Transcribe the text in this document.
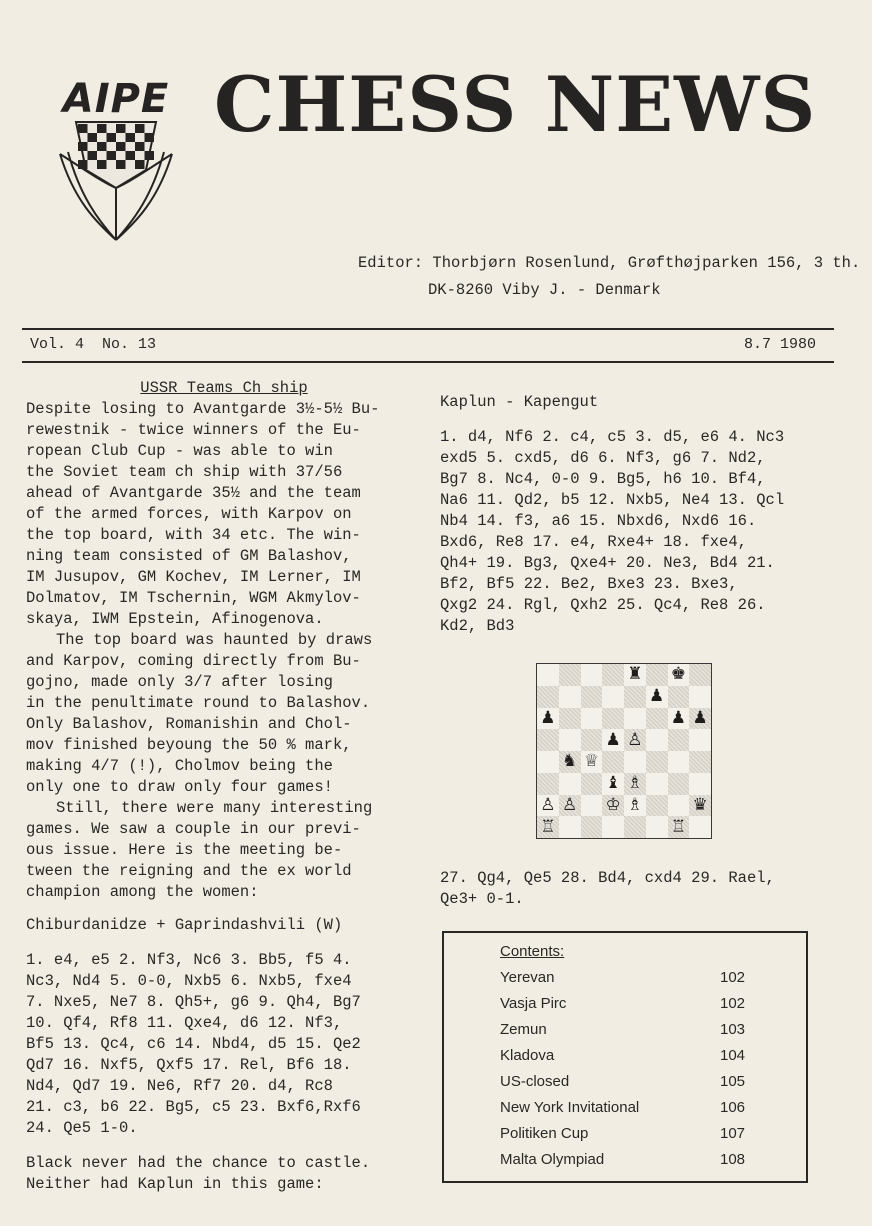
AIPE CHESS NEWS
Editor: Thorbjørn Rosenlund, Grøfthøjparken 156, 3 th.
DK-8260 Viby J. - Denmark
Vol. 4  No. 13	8.7 1980
USSR Teams Ch ship
Despite losing to Avantgarde 3½-5½ Bu-
rewestnik - twice winners of the Eu-
ropean Club Cup - was able to win
the Soviet team ch ship with 37/56
ahead of Avantgarde 35½ and the team
of the armed forces, with Karpov on
the top board, with 34 etc. The win-
ning team consisted of GM Balashov,
IM Jusupov, GM Kochev, IM Lerner, IM
Dolmatov, IM Tschernin, WGM Akmylov-
skaya, IWM Epstein, Afinogenova.
The top board was haunted by draws
and Karpov, coming directly from Bu-
gojno, made only 3/7 after losing
in the penultimate round to Balashov.
Only Balashov, Romanishin and Chol-
mov finished beyoung the 50 % mark,
making 4/7 (!), Cholmov being the
only one to draw only four games!
Still, there were many interesting
games. We saw a couple in our previ-
ous issue. Here is the meeting be-
tween the reigning and the ex world
champion among the women:
Chiburdanidze + Gaprindashvili (W)
1. e4, e5 2. Nf3, Nc6 3. Bb5, f5 4.
Nc3, Nd4 5. 0-0, Nxb5 6. Nxb5, fxe4
7. Nxe5, Ne7 8. Qh5+, g6 9. Qh4, Bg7
10. Qf4, Rf8 11. Qxe4, d6 12. Nf3,
Bf5 13. Qc4, c6 14. Nbd4, d5 15. Qe2
Qd7 16. Nxf5, Qxf5 17. Rel, Bf6 18.
Nd4, Qd7 19. Ne6, Rf7 20. d4, Rc8
21. c3, b6 22. Bg5, c5 23. Bxf6,Rxf6
24. Qe5 1-0.
Black never had the chance to castle.
Neither had Kaplun in this game:
Kaplun - Kapengut
1. d4, Nf6 2. c4, c5 3. d5, e6 4. Nc3
exd5 5. cxd5, d6 6. Nf3, g6 7. Nd2,
Bg7 8. Nc4, 0-0 9. Bg5, h6 10. Bf4,
Na6 11. Qd2, b5 12. Nxb5, Ne4 13. Qcl
Nb4 14. f3, a6 15. Nbxd6, Nxd6 16.
Bxd6, Re8 17. e4, Rxe4+ 18. fxe4,
Qh4+ 19. Bg3, Qxe4+ 20. Ne3, Bd4 21.
Bf2, Bf5 22. Be2, Bxe3 23. Bxe3,
Qxg2 24. Rgl, Qxh2 25. Qc4, Re8 26.
Kd2, Bd3
♜ ♚
♟
♟	♟ ♟
♟ ♙
♞ ♕
♝ ♗
♙ ♙ ♔ ♗	♛
♖	♖
27. Qg4, Qe5 28. Bd4, cxd4 29. Rael,
Qe3+ 0-1.
Contents:
Yerevan	102
Vasja Pirc	102
Zemun	103
Kladova	104
US-closed	105
New York Invitational	106
Politiken Cup	107
Malta Olympiad	108
